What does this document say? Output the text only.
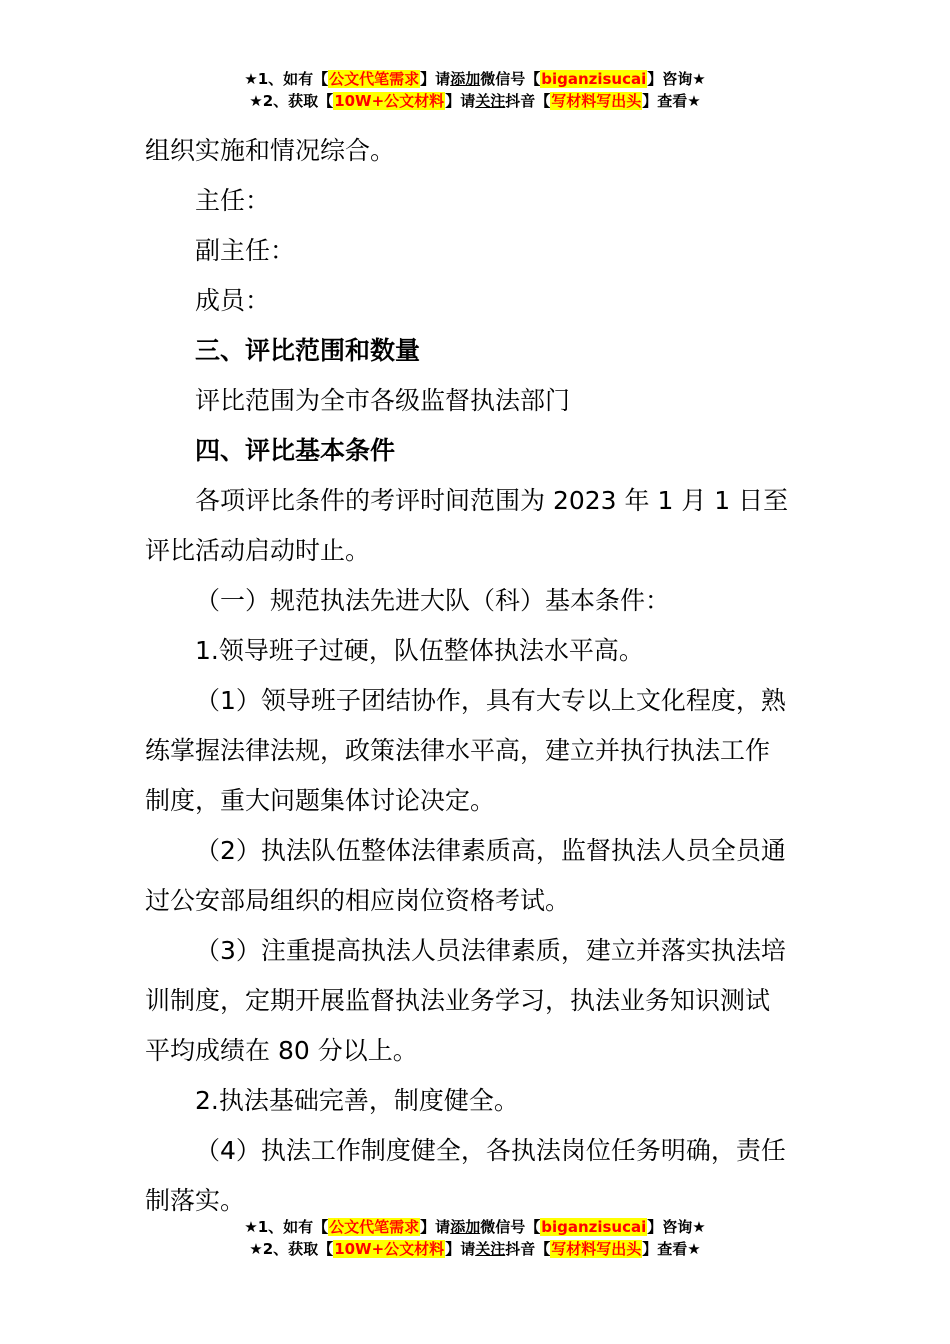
★1、如有【公文代笔需求】请添加微信号【biganzisucai】咨询★
★2、获取【10W+公文材料】请关注抖音【写材料写出头】查看★
组织实施和情况综合。
主任：
副主任：
成员：
三、评比范围和数量
评比范围为全市各级监督执法部门
四、评比基本条件
各项评比条件的考评时间范围为 2023 年 1 月 1 日至
评比活动启动时止。
（一）规范执法先进大队（科）基本条件：
1.领导班子过硬，队伍整体执法水平高。
（1）领导班子团结协作，具有大专以上文化程度，熟
练掌握法律法规，政策法律水平高，建立并执行执法工作
制度，重大问题集体讨论决定。
（2）执法队伍整体法律素质高，监督执法人员全员通
过公安部局组织的相应岗位资格考试。
（3）注重提高执法人员法律素质，建立并落实执法培
训制度，定期开展监督执法业务学习，执法业务知识测试
平均成绩在 80 分以上。
2.执法基础完善，制度健全。
（4）执法工作制度健全，各执法岗位任务明确，责任
制落实。
★1、如有【公文代笔需求】请添加微信号【biganzisucai】咨询★
★2、获取【10W+公文材料】请关注抖音【写材料写出头】查看★
